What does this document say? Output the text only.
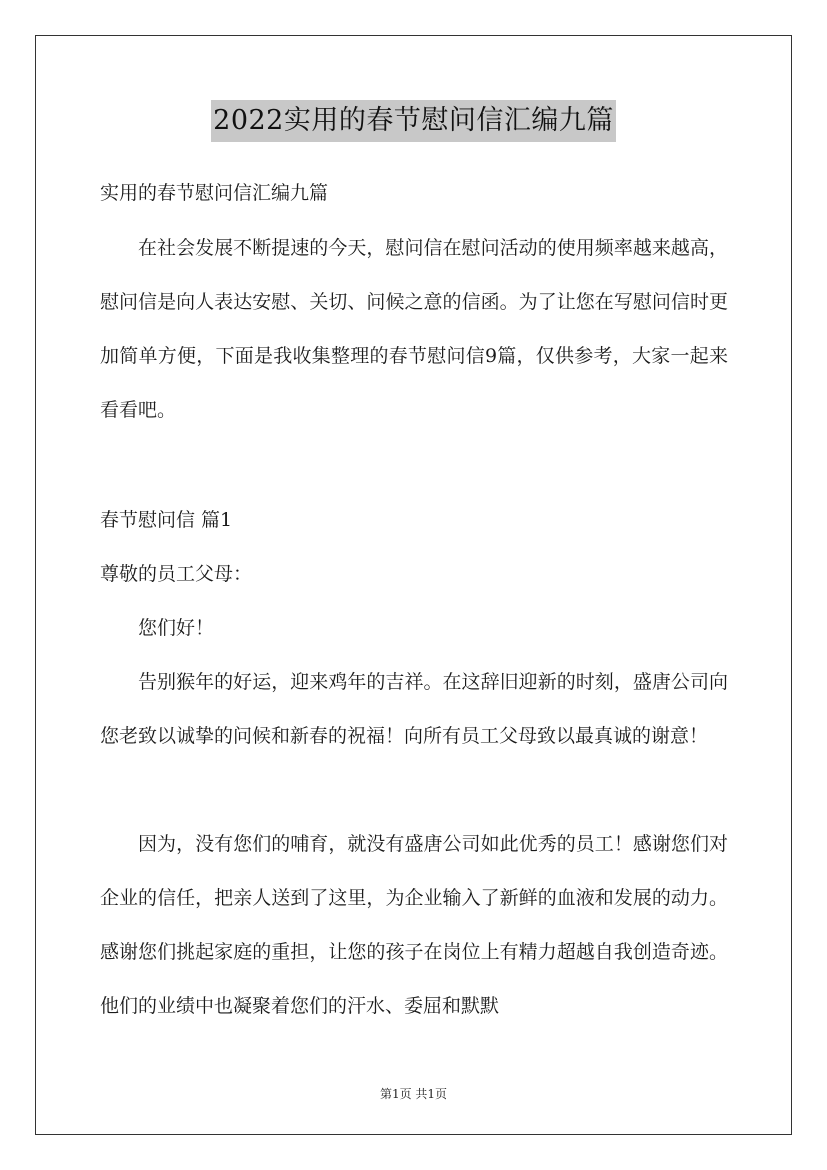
2022实用的春节慰问信汇编九篇
实用的春节慰问信汇编九篇

在社会发展不断提速的今天，慰问信在慰问活动的使用频率越来越高，慰问信是向人表达安慰、关切、问候之意的信函。为了让您在写慰问信时更加简单方便，下面是我收集整理的春节慰问信9篇，仅供参考，大家一起来看看吧。

春节慰问信 篇1
尊敬的员工父母：

您们好！

告别猴年的好运，迎来鸡年的吉祥。在这辞旧迎新的时刻，盛唐公司向您老致以诚挚的问候和新春的祝福！向所有员工父母致以最真诚的谢意！

因为，没有您们的哺育，就没有盛唐公司如此优秀的员工！感谢您们对企业的信任，把亲人送到了这里，为企业输入了新鲜的血液和发展的动力。感谢您们挑起家庭的重担，让您的孩子在岗位上有精力超越自我创造奇迹。他们的业绩中也凝聚着您们的汗水、委屈和默默

第1页 共1页
